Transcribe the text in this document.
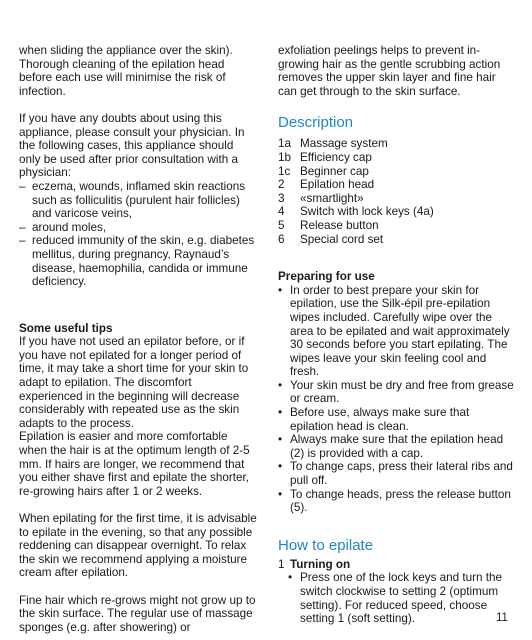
when sliding the appliance over the skin). Thorough cleaning of the epilation head before each use will minimise the risk of infection.

If you have any doubts about using this appliance, please consult your physician. In the following cases, this appliance should only be used after prior consultation with a physician:

– eczema, wounds, inflamed skin reactions such as folliculitis (purulent hair follicles) and varicose veins,
– around moles,
– reduced immunity of the skin, e.g. diabetes mellitus, during pregnancy, Raynaud’s disease, haemophilia, candida or immune deficiency.

Some useful tips

If you have not used an epilator before, or if you have not epilated for a longer period of time, it may take a short time for your skin to adapt to epilation. The discomfort experienced in the beginning will decrease considerably with repeated use as the skin adapts to the process.

Epilation is easier and more comfortable when the hair is at the optimum length of 2-5 mm. If hairs are longer, we recommend that you either shave first and epilate the shorter, re-growing hairs after 1 or 2 weeks.

When epilating for the first time, it is advisable to epilate in the evening, so that any possible reddening can disappear overnight. To relax the skin we recommend applying a moisture cream after epilation.

Fine hair which re-grows might not grow up to the skin surface. The regular use of massage sponges (e.g. after showering) or

exfoliation peelings helps to prevent in-growing hair as the gentle scrubbing action removes the upper skin layer and fine hair can get through to the skin surface.

Description
1a	Massage system
1b	Efficiency cap
1c	Beginner cap
2	Epilation head
3	«smartlight»
4	Switch with lock keys (4a)
5	Release button
6	Special cord set

Preparing for use

• In order to best prepare your skin for epilation, use the Silk-épil pre-epilation wipes included. Carefully wipe over the area to be epilated and wait approximately 30 seconds before you start epilating. The wipes leave your skin feeling cool and fresh.
• Your skin must be dry and free from grease or cream.
• Before use, always make sure that epilation head is clean.
• Always make sure that the epilation head (2) is provided with a cap.
• To change caps, press their lateral ribs and pull off.
• To change heads, press the release button (5).
How to epilate
1 Turning on
• Press one of the lock keys and turn the switch clockwise to setting 2 (optimum setting). For reduced speed, choose setting 1 (soft setting).	11
